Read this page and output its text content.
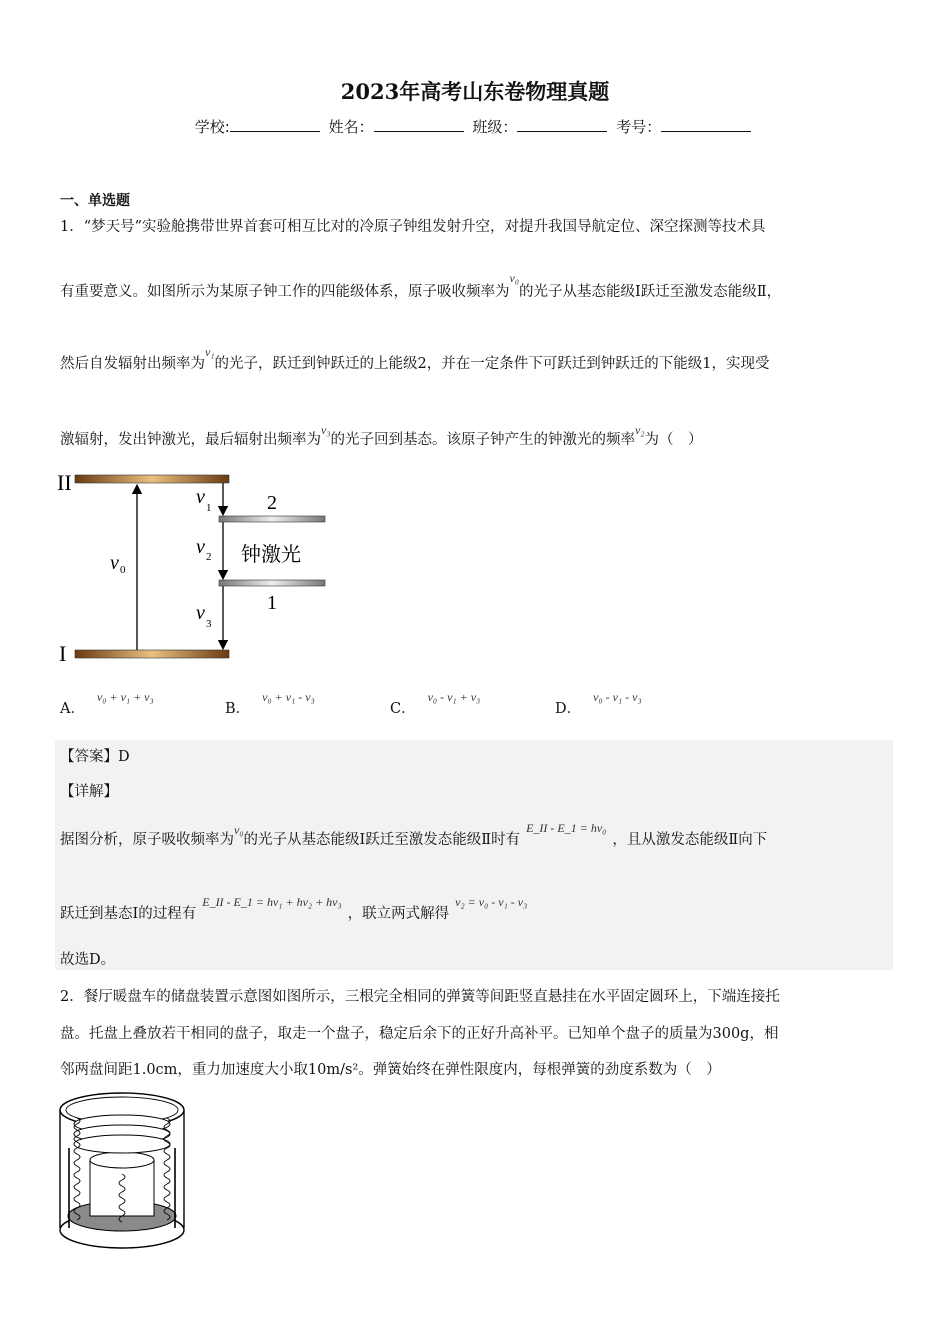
2023年高考山东卷物理真题
学校:	姓名：	班级：	考号：
一、单选题
1．“梦天号”实验舱携带世界首套可相互比对的冷原子钟组发射升空，对提升我国导航定位、深空探测等技术具
有重要意义。如图所示为某原子钟工作的四能级体系，原子吸收频率为$^{\nu_0}$的光子从基态能级Ⅰ跃迁至激发态能级Ⅱ，
然后自发辐射出频率为$^{\nu_1}$的光子，跃迁到钟跃迁的上能级2，并在一定条件下可跃迁到钟跃迁的下能级1，实现受
激辐射，发出钟激光，最后辐射出频率为$^{\nu_3}$的光子回到基态。该原子钟产生的钟激光的频率$^{\nu_2}$为（　）
II
I
2
1
钟激光
v 0
v 1
v 2
v 3
A．$^{\nu_0 + \nu_1 + \nu_3}$
B．$^{\nu_0 + \nu_1 - \nu_3}$
C．$^{\nu_0 - \nu_1 + \nu_3}$
D．$^{\nu_0 - \nu_1 - \nu_3}$
【答案】D
【详解】
据图分析，原子吸收频率为$^{\nu_0}$的光子从基态能级Ⅰ跃迁至激发态能级Ⅱ时有$^{E\_II - E\_1 = h\nu_0}$，且从激发态能级Ⅱ向下
跃迁到基态Ⅰ的过程有$^{E\_II - E\_1 = h\nu_1 + h\nu_2 + h\nu_3}$，联立两式解得$^{\nu_2 = \nu_0 - \nu_1 - \nu_3}$
故选D。
2．餐厅暖盘车的储盘装置示意图如图所示，三根完全相同的弹簧等间距竖直悬挂在水平固定圆环上，下端连接托
盘。托盘上叠放若干相同的盘子，取走一个盘子，稳定后余下的正好升高补平。已知单个盘子的质量为300g，相
邻两盘间距1.0cm，重力加速度大小取10m/s²。弹簧始终在弹性限度内，每根弹簧的劲度系数为（　）
